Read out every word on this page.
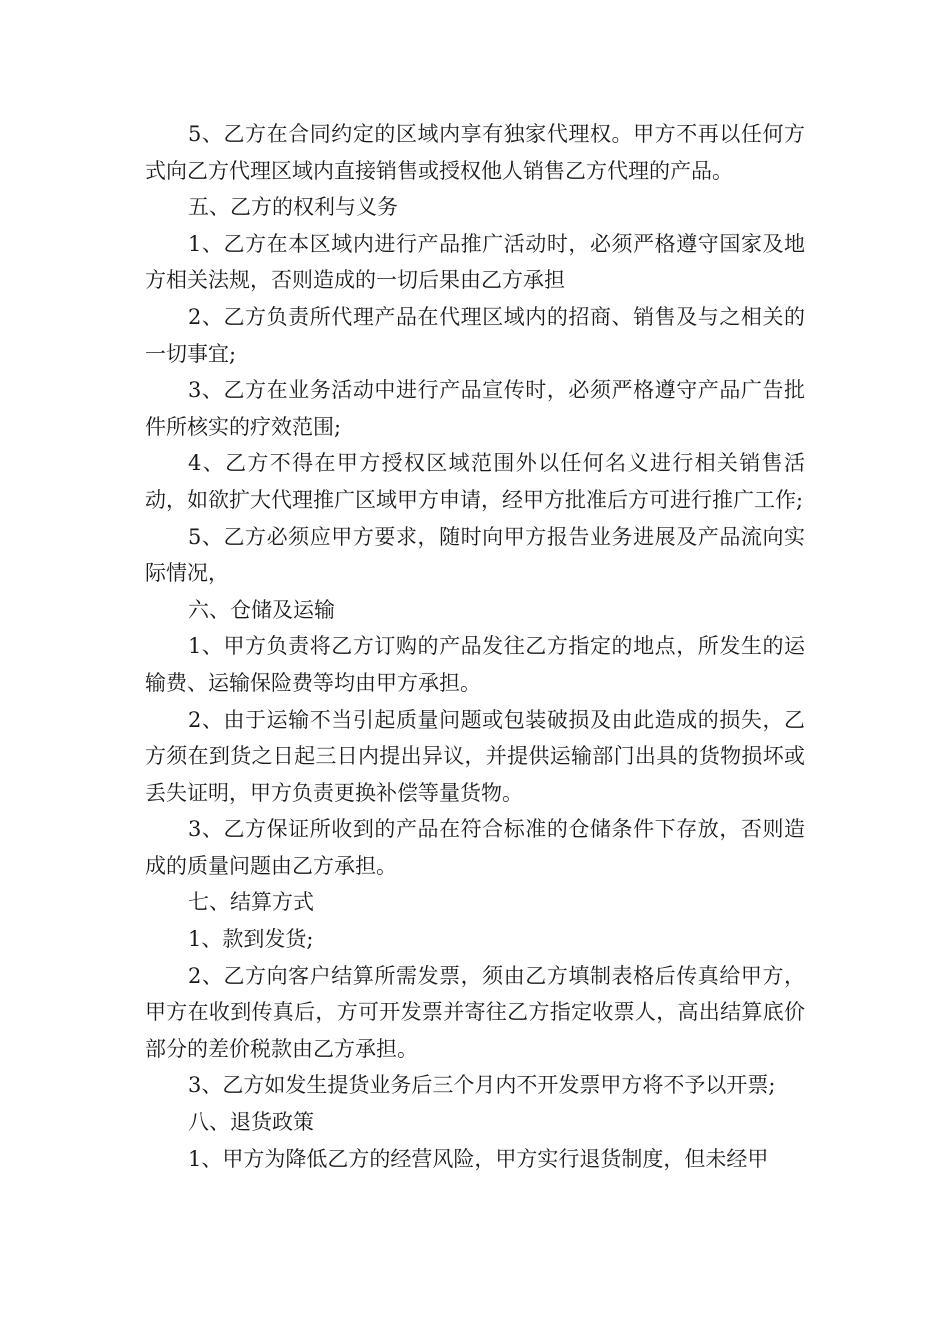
5、乙方在合同约定的区域内享有独家代理权。甲方不再以任何方式向乙方代理区域内直接销售或授权他人销售乙方代理的产品。

五、乙方的权利与义务

1、乙方在本区域内进行产品推广活动时，必须严格遵守国家及地方相关法规，否则造成的一切后果由乙方承担

2、乙方负责所代理产品在代理区域内的招商、销售及与之相关的一切事宜;

3、乙方在业务活动中进行产品宣传时，必须严格遵守产品广告批件所核实的疗效范围;

4、乙方不得在甲方授权区域范围外以任何名义进行相关销售活动，如欲扩大代理推广区域甲方申请，经甲方批准后方可进行推广工作;

5、乙方必须应甲方要求，随时向甲方报告业务进展及产品流向实际情况，

六、仓储及运输

1、甲方负责将乙方订购的产品发往乙方指定的地点，所发生的运输费、运输保险费等均由甲方承担。

2、由于运输不当引起质量问题或包装破损及由此造成的损失，乙方须在到货之日起三日内提出异议，并提供运输部门出具的货物损坏或丢失证明，甲方负责更换补偿等量货物。

3、乙方保证所收到的产品在符合标准的仓储条件下存放，否则造成的质量问题由乙方承担。

七、结算方式

1、款到发货;

2、乙方向客户结算所需发票，须由乙方填制表格后传真给甲方，甲方在收到传真后，方可开发票并寄往乙方指定收票人，高出结算底价部分的差价税款由乙方承担。

3、乙方如发生提货业务后三个月内不开发票甲方将不予以开票;

八、退货政策

1、甲方为降低乙方的经营风险，甲方实行退货制度，但未经甲
